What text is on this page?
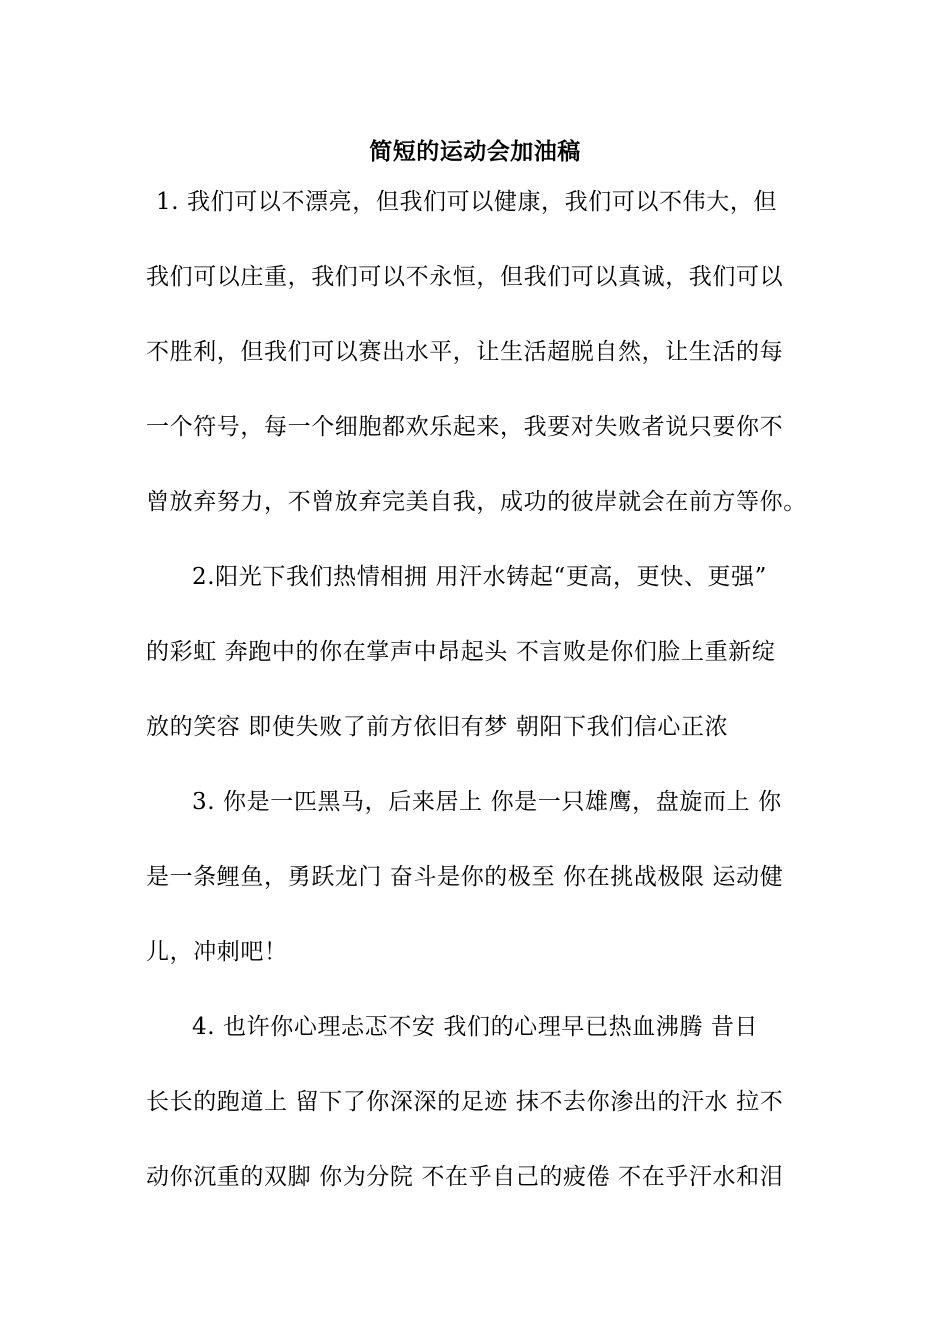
简短的运动会加油稿
1. 我们可以不漂亮，但我们可以健康，我们可以不伟大，但
我们可以庄重，我们可以不永恒，但我们可以真诚，我们可以
不胜利，但我们可以赛出水平，让生活超脱自然，让生活的每
一个符号，每一个细胞都欢乐起来，我要对失败者说只要你不
曾放弃努力，不曾放弃完美自我，成功的彼岸就会在前方等你。
2.阳光下我们热情相拥 用汗水铸起“更高，更快、更强”
的彩虹 奔跑中的你在掌声中昂起头 不言败是你们脸上重新绽
放的笑容 即使失败了前方依旧有梦 朝阳下我们信心正浓
3. 你是一匹黑马，后来居上 你是一只雄鹰，盘旋而上 你
是一条鲤鱼，勇跃龙门 奋斗是你的极至 你在挑战极限 运动健
儿，冲刺吧！
4. 也许你心理忐忑不安 我们的心理早已热血沸腾 昔日
长长的跑道上 留下了你深深的足迹 抹不去你渗出的汗水 拉不
动你沉重的双脚 你为分院 不在乎自己的疲倦 不在乎汗水和泪
